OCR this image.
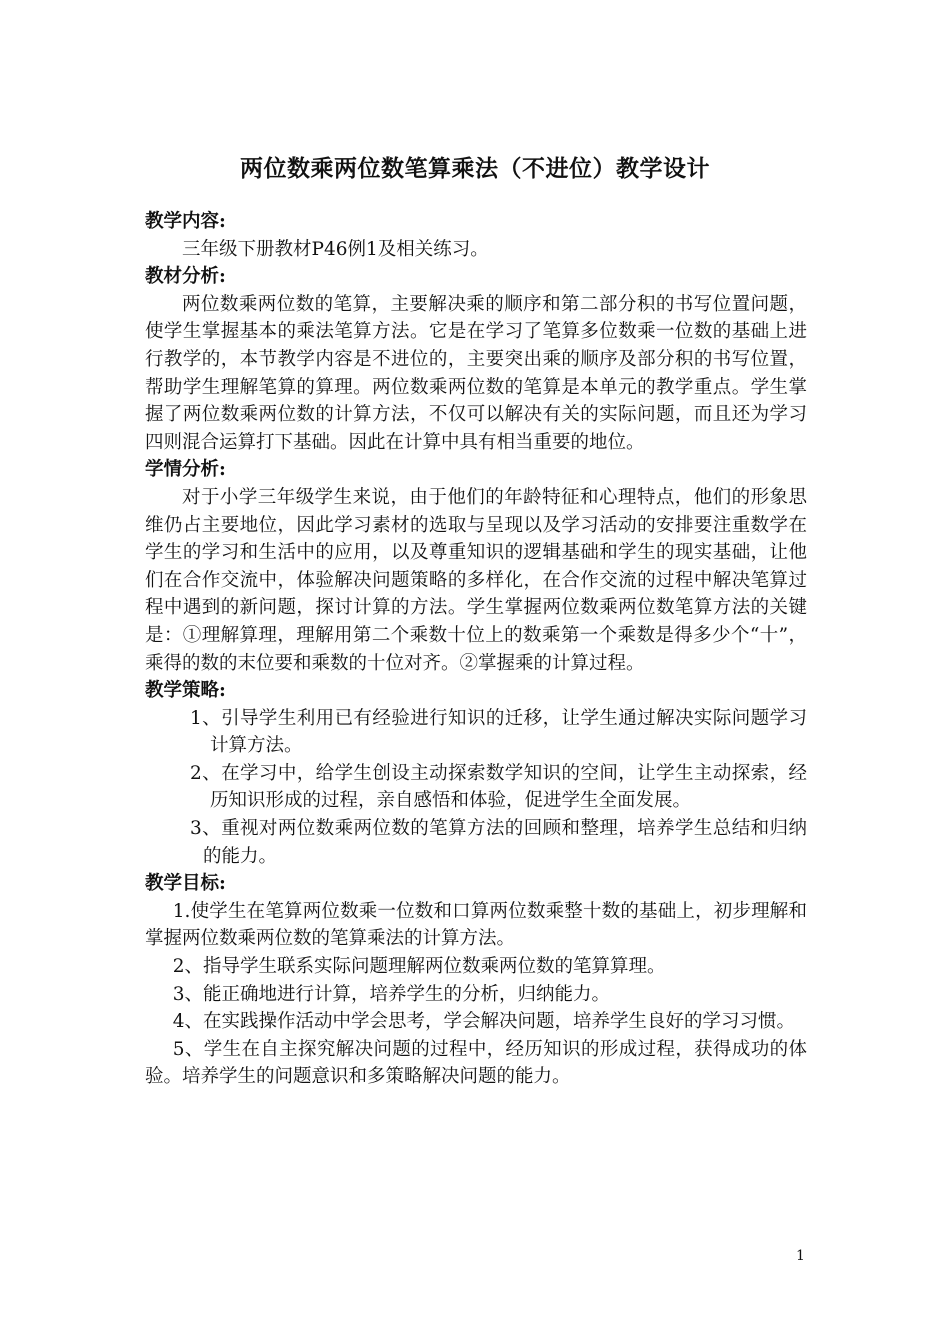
两位数乘两位数笔算乘法（不进位）教学设计
教学内容:
三年级下册教材P46例1及相关练习。
教材分析:
两位数乘两位数的笔算，主要解决乘的顺序和第二部分积的书写位置问题，使学生掌握基本的乘法笔算方法。它是在学习了笔算多位数乘一位数的基础上进行教学的，本节教学内容是不进位的，主要突出乘的顺序及部分积的书写位置，帮助学生理解笔算的算理。两位数乘两位数的笔算是本单元的教学重点。学生掌握了两位数乘两位数的计算方法，不仅可以解决有关的实际问题，而且还为学习四则混合运算打下基础。因此在计算中具有相当重要的地位。
学情分析:
对于小学三年级学生来说，由于他们的年龄特征和心理特点，他们的形象思维仍占主要地位，因此学习素材的选取与呈现以及学习活动的安排要注重数学在学生的学习和生活中的应用，以及尊重知识的逻辑基础和学生的现实基础，让他们在合作交流中，体验解决问题策略的多样化，在合作交流的过程中解决笔算过程中遇到的新问题，探讨计算的方法。学生掌握两位数乘两位数笔算方法的关键是：①理解算理，理解用第二个乘数十位上的数乘第一个乘数是得多少个“十”，乘得的数的末位要和乘数的十位对齐。②掌握乘的计算过程。
教学策略:
1、引导学生利用已有经验进行知识的迁移，让学生通过解决实际问题学习计算方法。
2、在学习中，给学生创设主动探索数学知识的空间，让学生主动探索，经历知识形成的过程，亲自感悟和体验，促进学生全面发展。
3、重视对两位数乘两位数的笔算方法的回顾和整理，培养学生总结和归纳的能力。
教学目标:
1.使学生在笔算两位数乘一位数和口算两位数乘整十数的基础上，初步理解和掌握两位数乘两位数的笔算乘法的计算方法。
2、指导学生联系实际问题理解两位数乘两位数的笔算算理。
3、能正确地进行计算，培养学生的分析，归纳能力。
4、在实践操作活动中学会思考，学会解决问题，培养学生良好的学习习惯。
5、学生在自主探究解决问题的过程中，经历知识的形成过程，获得成功的体验。培养学生的问题意识和多策略解决问题的能力。
1
